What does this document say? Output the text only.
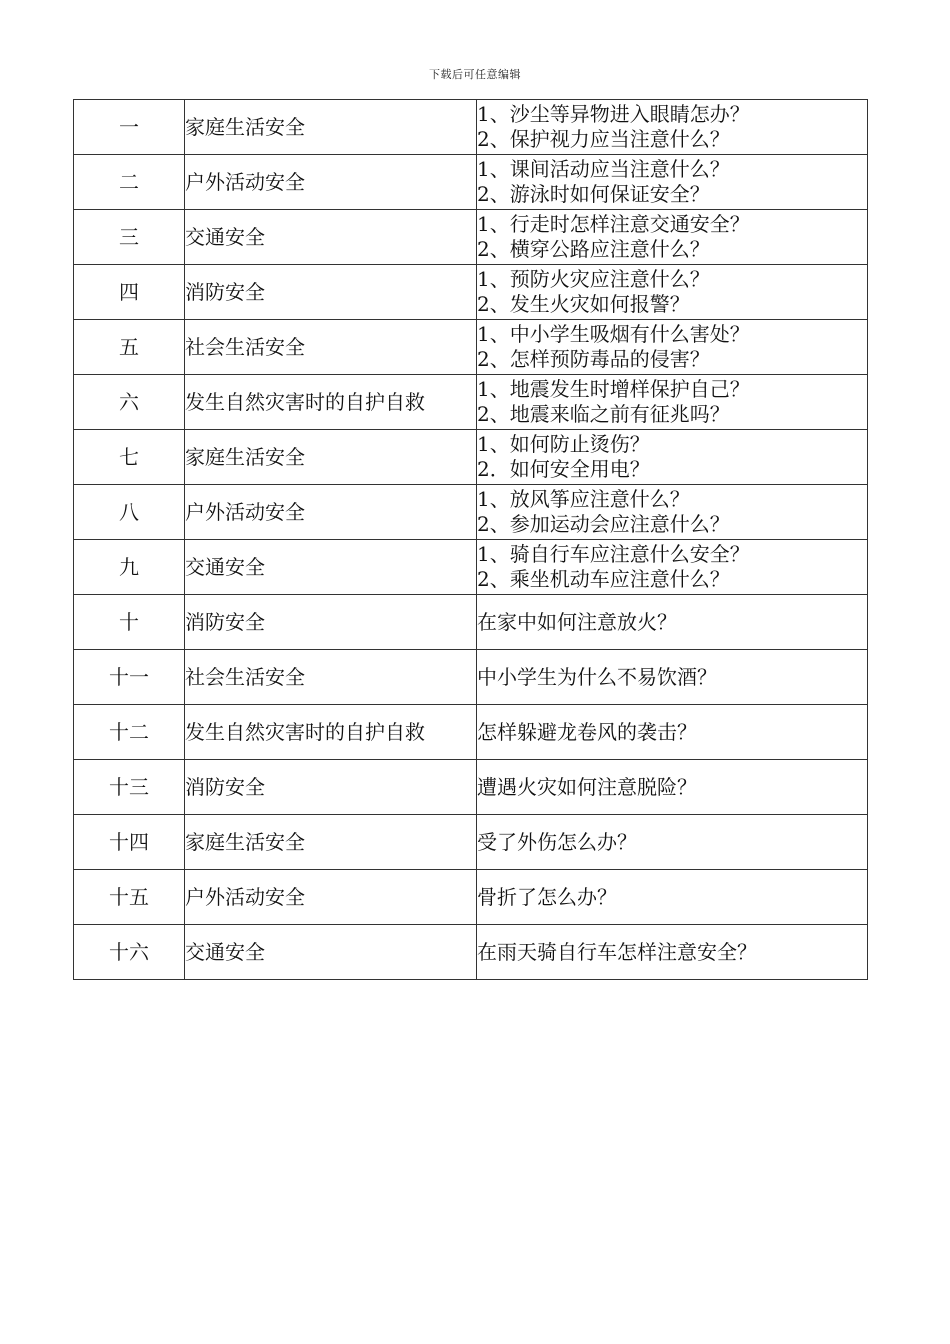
下载后可任意编辑
一	家庭生活安全	1、沙尘等异物进入眼睛怎办？
2、保护视力应当注意什么？

二	户外活动安全	1、课间活动应当注意什么？
2、游泳时如何保证安全？

三	交通安全	1、行走时怎样注意交通安全？
2、横穿公路应注意什么？

四	消防安全	1、预防火灾应注意什么？
2、发生火灾如何报警？

五	社会生活安全	1、中小学生吸烟有什么害处？
2、怎样预防毒品的侵害？

六	发生自然灾害时的自护自救	1、地震发生时增样保护自己？
2、地震来临之前有征兆吗？

七	家庭生活安全	1、如何防止烫伤？
2．如何安全用电？

八	户外活动安全	1、放风筝应注意什么？
2、参加运动会应注意什么？

九	交通安全	1、骑自行车应注意什么安全？
2、乘坐机动车应注意什么？

十	消防安全	在家中如何注意放火？

十一	社会生活安全	中小学生为什么不易饮酒？

十二	发生自然灾害时的自护自救	怎样躲避龙卷风的袭击？

十三	消防安全	遭遇火灾如何注意脱险？

十四	家庭生活安全	受了外伤怎么办？

十五	户外活动安全	骨折了怎么办？

十六	交通安全	在雨天骑自行车怎样注意安全？
